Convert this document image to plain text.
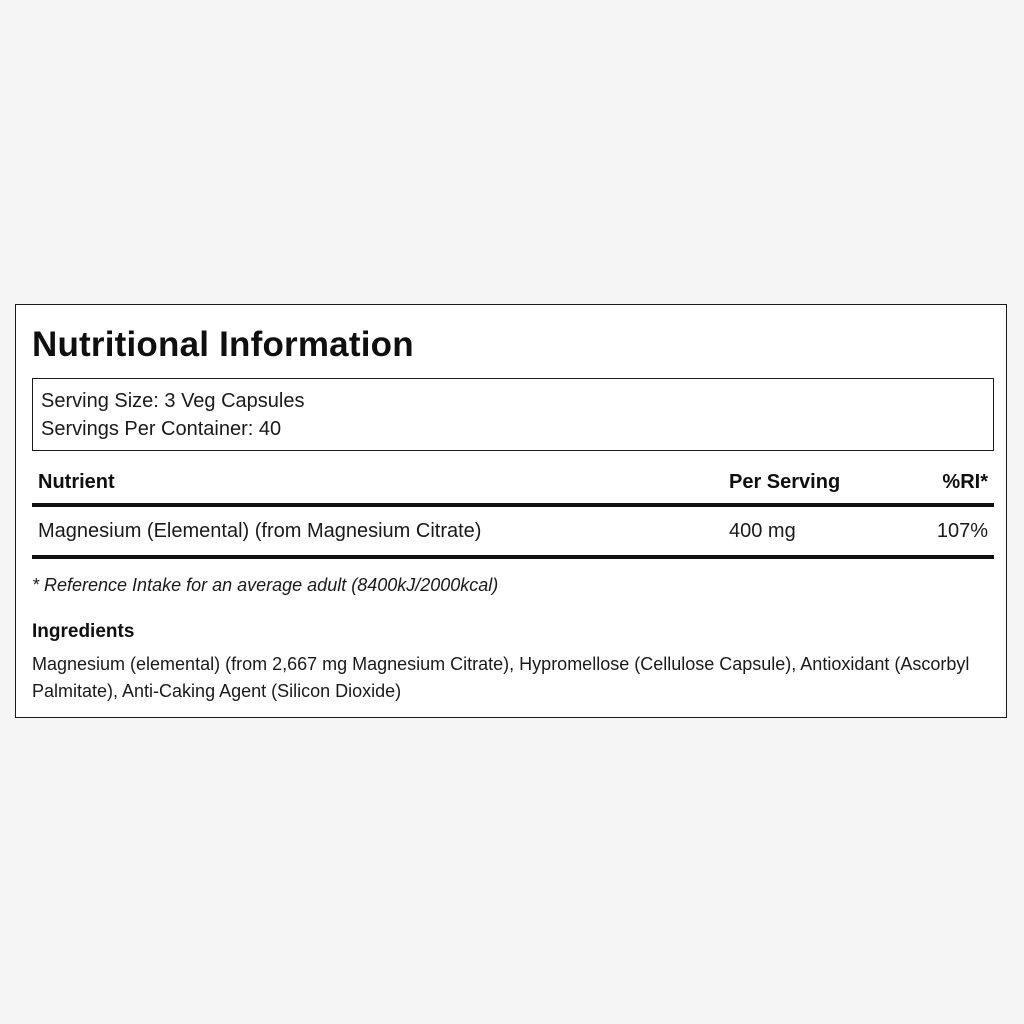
Nutritional Information
Serving Size: 3 Veg Capsules
Servings Per Container: 40
Nutrient	Per Serving	%RI*
Magnesium (Elemental) (from Magnesium Citrate)	400 mg	107%
* Reference Intake for an average adult (8400kJ/2000kcal)
Ingredients

Magnesium (elemental) (from 2,667 mg Magnesium Citrate), Hypromellose (Cellulose Capsule), Antioxidant (Ascorbyl Palmitate), Anti-Caking Agent (Silicon Dioxide)
